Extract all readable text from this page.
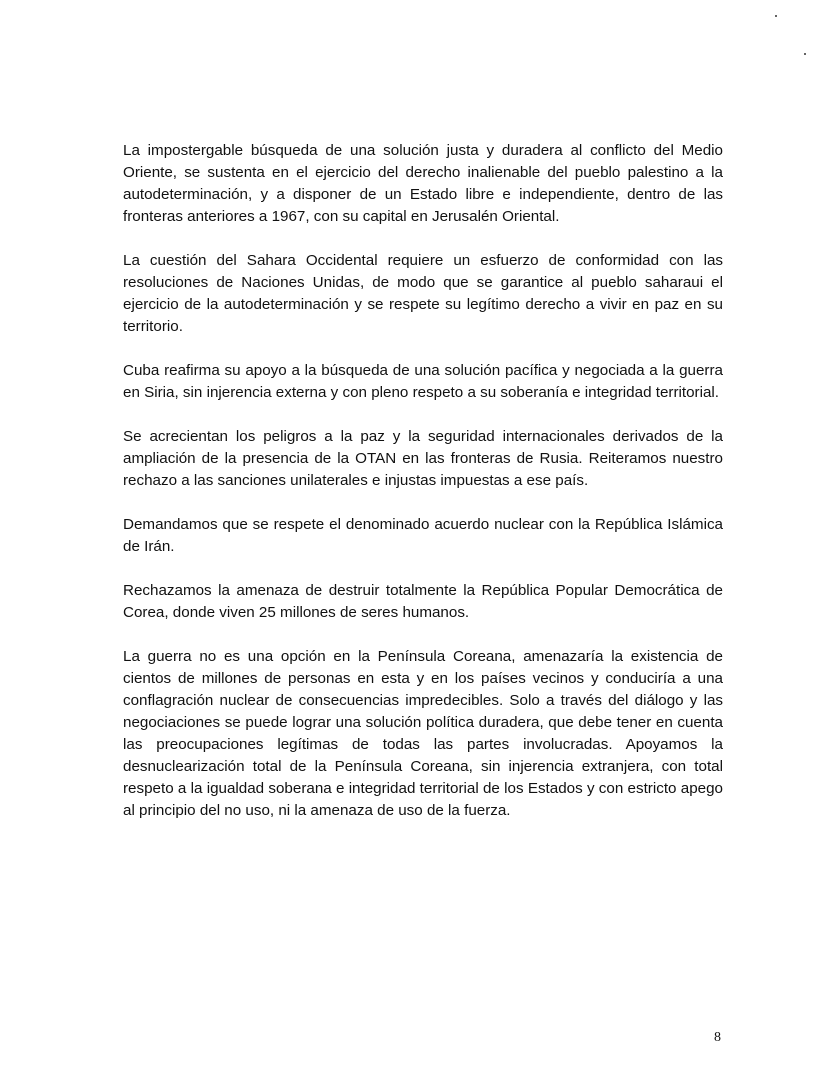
La impostergable búsqueda de una solución justa y duradera al conflicto del Medio Oriente, se sustenta en el ejercicio del derecho inalienable del pueblo palestino a la autodeterminación, y a disponer de un Estado libre e independiente, dentro de las fronteras anteriores a 1967, con su capital en Jerusalén Oriental.

La cuestión del Sahara Occidental requiere un esfuerzo de conformidad con las resoluciones de Naciones Unidas, de modo que se garantice al pueblo saharaui el ejercicio de la autodeterminación y se respete su legítimo derecho a vivir en paz en su territorio.

Cuba reafirma su apoyo a la búsqueda de una solución pacífica y negociada a la guerra en Siria, sin injerencia externa y con pleno respeto a su soberanía e integridad territorial.

Se acrecientan los peligros a la paz y la seguridad internacionales derivados de la ampliación de la presencia de la OTAN en las fronteras de Rusia. Reiteramos nuestro rechazo a las sanciones unilaterales e injustas impuestas a ese país.

Demandamos que se respete el denominado acuerdo nuclear con la República Islámica de Irán.

Rechazamos la amenaza de destruir totalmente la República Popular Democrática de Corea, donde viven 25 millones de seres humanos.

La guerra no es una opción en la Península Coreana, amenazaría la existencia de cientos de millones de personas en esta y en los países vecinos y conduciría a una conflagración nuclear de consecuencias impredecibles. Solo a través del diálogo y las negociaciones se puede lograr una solución política duradera, que debe tener en cuenta las preocupaciones legítimas de todas las partes involucradas. Apoyamos la desnuclearización total de la Península Coreana, sin injerencia extranjera, con total respeto a la igualdad soberana e integridad territorial de los Estados y con estricto apego al principio del no uso, ni la amenaza de uso de la fuerza.

8
